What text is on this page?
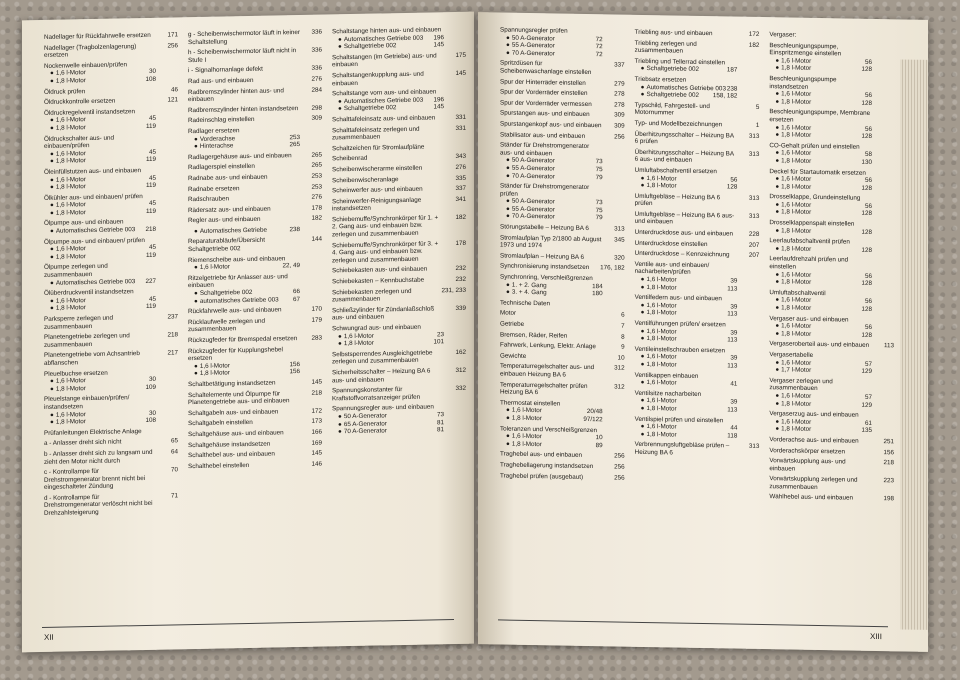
Nadellager für Rückfahrwelle ersetzen	171
Nadellager (Tragbolzenlagerung) ersetzen
256
Nockenwelle einbauen/prüfen
● 1,6 l-Motor	30
● 1,8 l-Motor	108
Öldruck prüfen	46
Öldruckkontrolle ersetzen	121
Öldruckregelventil instandsetzen
● 1,6 l-Motor	45
● 1,8 l-Motor	119
Öldruckschalter aus- und einbauen/prüfen
● 1,6 l-Motor	45
● 1,8 l-Motor	119
Öleinfüllstutzen aus- und einbauen
● 1,6 l-Motor	45
● 1,8 l-Motor	119
Ölkühler aus- und einbauen/ prüfen
● 1,6 l-Motor	45
● 1,8 l-Motor	119
Ölpumpe aus- und einbauen
● Automatisches Getriebe 003 218
Ölpumpe aus- und einbauen/ prüfen
● 1,6 l-Motor	45
● 1,8 l-Motor	119
Ölpumpe zerlegen und zusammenbauen
● Automatisches Getriebe 003 227
Ölüberdruckventil instandsetzen
● 1,6 l-Motor	45
● 1,8 l-Motor	119
Parksperre zerlegen und zusammenbauen
237
Planetengetriebe zerlegen und zusammenbauen
218
Planetengetriebe vom Achsantrieb abflanschen
217
Pleuelbuchse ersetzen
● 1,6 l-Motor	30
● 1,8 l-Motor	109
Pleuelstange einbauen/prüfen/ instandsetzen
● 1,6 l-Motor	30
● 1,8 l-Motor	108
Prüfanleitungen Elektrische Anlage
a - Anlasser dreht sich nicht	65
b - Anlasser dreht sich zu langsam und zieht den Motor nicht durch
64
c - Kontrollampe für Drehstromgenerator brennt nicht bei eingeschalteter Zündung
70
d - Kontrollampe für Drehstromgenerator verlöscht nicht bei Drehzahlsteigerung
71
g - Scheibenwischermotor läuft in keiner Schaltstellung
336
h - Scheibenwischermotor läuft nicht in Stufe I
336
i - Signalhornanlage defekt	336
Rad aus- und einbauen	276
Radbremszylinder hinten aus- und einbauen
284
Radbremszylinder hinten instandsetzen 298
Radeinschlag einstellen	309
Radlager ersetzen
● Vorderachse	253
● Hinterachse	265
Radlagergehäuse aus- und einbauen	265
Radlagerspiel einstellen	265
Radnabe aus- und einbauen	253
Radnabe ersetzen	253
Radschrauben	276
Rädersatz aus- und einbauen	178
Regler aus- und einbauen	182
● Automatisches Getriebe	238
Reparaturabläufe/Übersicht Schaltgetriebe 002
144
Riemenscheibe aus- und einbauen
● 1,6 l-Motor	22, 49
Ritzelgetriebe für Anlasser aus- und einbauen
● Schaltgetriebe 002	66
● automatisches Getriebe 003 67
Rückfahrwelle aus- und einbauen	170
Rücklaufwelle zerlegen und zusammenbauen
179
Rückzugfeder für Bremspedal ersetzen	283
Rückzugfeder für Kupplungshebel ersetzen
● 1,6 l-Motor	156
● 1,8 l-Motor	156
Schaltbetätigung instandsetzen	145
Schaltelemente und Ölpumpe für Planetengetriebe aus- und einbauen
218
Schaltgabeln aus- und einbauen	172
Schaltgabeln einstellen	173
Schaltgehäuse aus- und einbauen	166
Schaltgehäuse instandsetzen	169
Schalthebel aus- und einbauen	145
Schalthebel einstellen	146
Schaltstange hinten aus- und einbauen
● Automatisches Getriebe 003 196
● Schaltgetriebe 002	145
Schaltstangen (im Getriebe) aus- und einbauen
175
Schaltstangenkupplung aus- und einbauen
145
Schaltstange vorn aus- und einbauen
● Automatisches Getriebe 003 196
● Schaltgetriebe 002	145
Schalttafeleinsatz aus- und einbauen	331
Schalttafeleinsatz zerlegen und zusammenbauen
331
Schaltzeichen für Stromlaufpläne
Scheibenrad	343
Scheibenwischerarme einstellen	276
Scheibenwischeranlage	335
Scheinwerfer aus- und einbauen	337
Scheinwerfer-Reinigungsanlage instandsetzen
341
Schiebemuffe/Synchronkörper für 1. + 2. Gang aus- und einbauen bzw. zerlegen und zusammenbauen
182
Schiebemuffe/Synchronkörper für 3. + 4. Gang aus- und einbauen bzw. zerlegen und zusammenbauen
178
Schiebekasten aus- und einbauen	232
Schiebekasten – Kennbuchstabe	232
Schiebekasten zerlegen und zusammenbauen
231, 233
Schließzylinder für Zündanlaßschloß aus- und einbauen
339
Schwungrad aus- und einbauen
● 1,6 l-Motor	23
● 1,8 l-Motor	101
Selbstsperrendes Ausgleichgetriebe zerlegen und zusammenbauen
162
Sicherheitsschalter – Heizung BA 6 aus- und einbauen
312
Spannungskonstanter für Kraftstoffvorratsanzeiger prüfen
332
Spannungsregler aus- und einbauen
● 50 A-Generator	73
● 65 A-Generator	81
● 70 A-Generator	81
XII
Spannungsregler prüfen
● 50 A-Generator	72
● 55 A-Generator	72
● 70 A-Generator	72
Spritzdüsen für Scheibenwaschanlage einstellen
337
Spur der Hinterräder einstellen	279
Spur der Vorderräder einstellen	278
Spur der Vorderräder vermessen	278
Spurstangen aus- und einbauen	309
Spurstangenkopf aus- und einbauen 309
Stabilisator aus- und einbauen	256
Ständer für Drehstromgenerator aus- und einbauen
● 50 A-Generator	73
● 55 A-Generator	75
● 70 A-Generator	79
Ständer für Drehstromgenerator prüfen
● 50 A-Generator	73
● 55 A-Generator	75
● 70 A-Generator	79
Störungstabelle – Heizung BA 6	313
Stromlaufplan Typ 2/1800 ab August 1973 und 1974
345
Stromlaufplan – Heizung BA 6	320
Synchronisierung instandsetzen	176, 182
Synchronring, Verschleißgrenzen
● 1. + 2. Gang	184
● 3. + 4. Gang	180
Technische Daten
Motor	6
Getriebe	7
Bremsen, Räder, Reifen	8
Fahrwerk, Lenkung, Elektr. Anlage	9
Gewichte	10
Temperaturregelschalter aus- und einbauen Heizung BA 6
312
Temperaturregelschalter prüfen Heizung BA 6
312
Thermostat einstellen
● 1,6 l-Motor	20/48
● 1,8 l-Motor	97/122
Toleranzen und Verschleißgrenzen
● 1,6 l-Motor	10
● 1,8 l-Motor	89
Traghebel aus- und einbauen	256
Traghebellagerung instandsetzen	256
Traghebel prüfen (ausgebaut)	256
Triebling aus- und einbauen	172
Triebling zerlegen und zusammenbauen
182
Triebling und Tellerrad einstellen
● Schaltgetriebe 002	187
Triebsatz ersetzen
● Automatisches Getriebe 003 238
● Schaltgetriebe 002 158, 182
Typschild, Fahrgestell- und Motornummer
5
Typ- und Modellbezeichnungen	1
Überhitzungsschalter – Heizung BA 6 prüfen
313
Überhitzungsschalter – Heizung BA 6 aus- und einbauen
313
Umluftabschaltventil ersetzen
● 1,6 l-Motor	56
● 1,8 l-Motor	128
Umluftgebläse – Heizung BA 6 prüfen
313
Umluftgebläse – Heizung BA 6 aus- und einbauen
313
Unterdruckdose aus- und einbauen	228
Unterdruckdose einstellen	207
Unterdruckdose – Kennzeichnung	207
Ventile aus- und einbauen/ nacharbeiten/prüfen
● 1,6 l-Motor	39
● 1,8 l-Motor	113
Ventilfedern aus- und einbauen
● 1,6 l-Motor	39
● 1,8 l-Motor	113
Ventilführungen prüfen/ ersetzen
● 1,6 l-Motor	39
● 1,8 l-Motor	113
Ventileinstellschrauben ersetzen
● 1,6 l-Motor	39
● 1,8 l-Motor	113
Ventilkappen einbauen
● 1,6 l-Motor	41
Ventilsitze nacharbeiten
● 1,6 l-Motor	39
● 1,8 l-Motor	113
Ventilspiel prüfen und einstellen
● 1,6 l-Motor	44
● 1,8 l-Motor	118
Verbrennungsluftgebläse prüfen – Heizung BA 6
313
Vergaser:
Beschleunigungspumpe, Einspritzmenge einstellen
● 1,6 l-Motor	56
● 1,8 l-Motor	128
Beschleunigungspumpe instandsetzen
● 1,6 l-Motor	56
● 1,8 l-Motor	128
Beschleunigungspumpe, Membrane ersetzen
● 1,6 l-Motor	56
● 1,8 l-Motor	128
CO-Gehalt prüfen und einstellen
● 1,6 l-Motor	58
● 1,8 l-Motor	130
Deckel für Startautomatik ersetzen
● 1,6 l-Motor	56
● 1,8 l-Motor	128
Drosselklappe, Grundeinstellung
● 1,6 l-Motor	56
● 1,8 l-Motor	128
Drosselklappenspalt einstellen
● 1,8 l-Motor	128
Leerlaufabschaltventil prüfen
● 1,8 l-Motor	128
Leerlaufdrehzahl prüfen und einstellen
● 1,6 l-Motor	56
● 1,8 l-Motor	128
Umluftabschaltventil
● 1,6 l-Motor	56
● 1,8 l-Motor	128
Vergaser aus- und einbauen
● 1,6 l-Motor	56
● 1,8 l-Motor	128
Vergaseroberteil aus- und einbauen	113
Vergasertabelle
● 1,6 l-Motor	57
● 1,7 l-Motor	129
Vergaser zerlegen und zusammenbauen
● 1,6 l-Motor	57
● 1,8 l-Motor	129
Vergaserzug aus- und einbauen
● 1,6 l-Motor	61
● 1,8 l-Motor	135
Vorderachse aus- und einbauen	251
Vorderachskörper ersetzen	156
Vorwärtskupplung aus- und einbauen
218
Vorwärtskupplung zerlegen und zusammenbauen
223
Wählhebel aus- und einbauen	198
XIII
